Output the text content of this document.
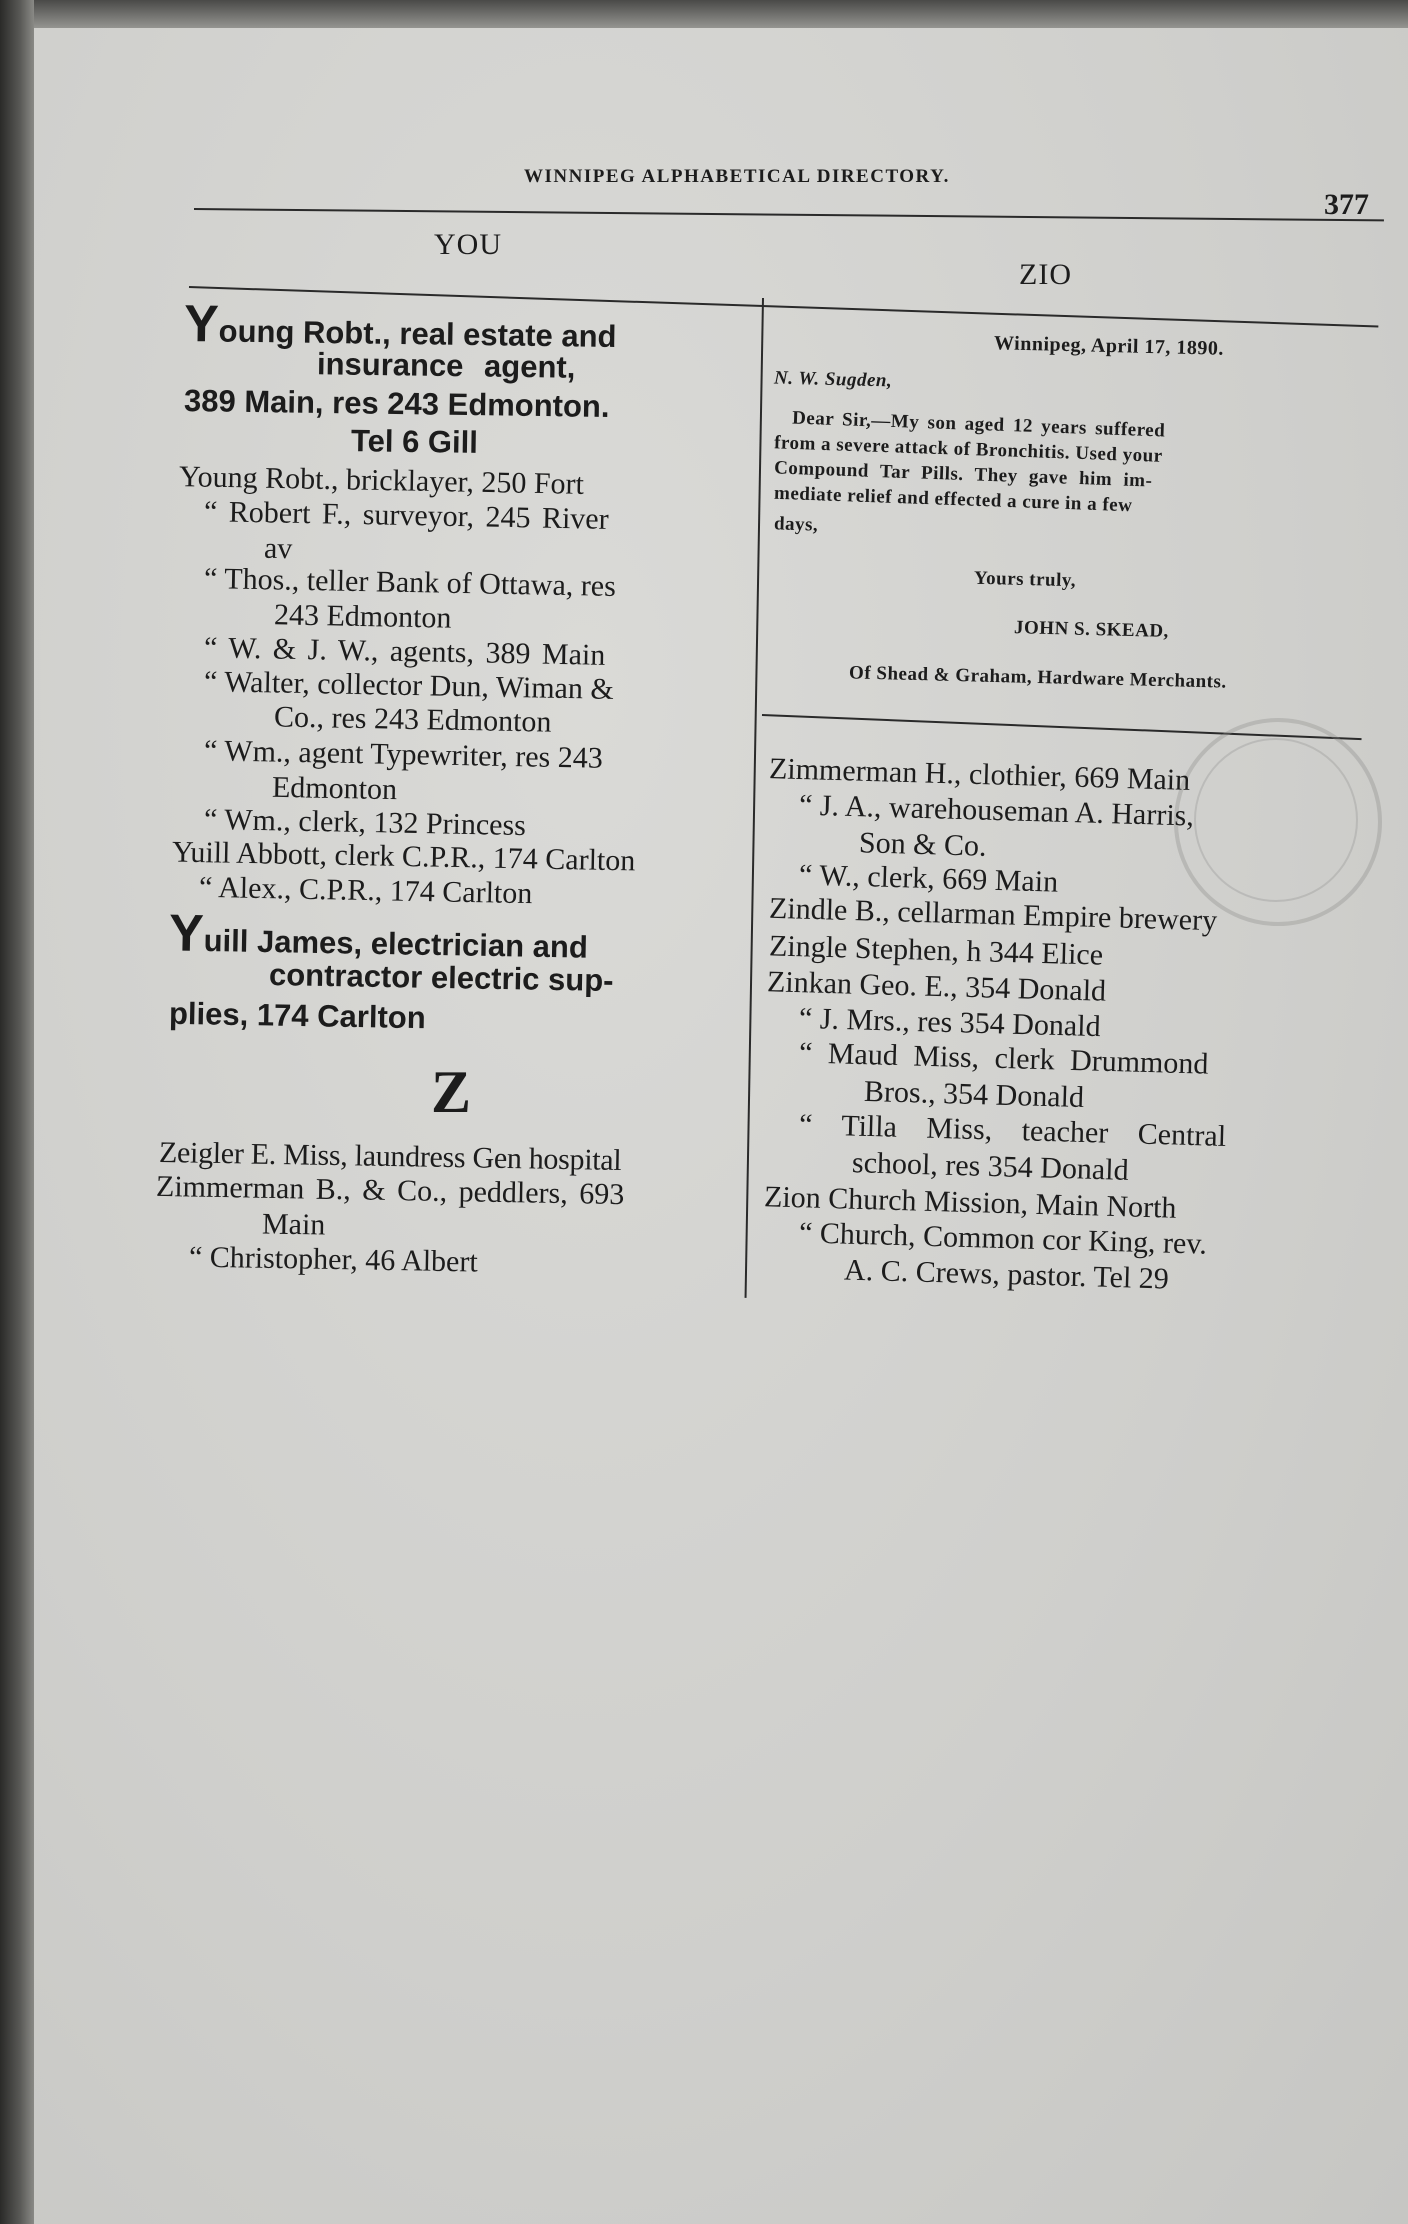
WINNIPEG ALPHABETICAL DIRECTORY.
377
YOU
ZIO
Young Robt., real estate and
insurance agent,
389 Main, res 243 Edmonton.
Tel 6 Gill
Young Robt., bricklayer, 250 Fort
“ Robert F., surveyor, 245 River
av
“ Thos., teller Bank of Ottawa, res
243 Edmonton
“ W. & J. W., agents, 389 Main
“ Walter, collector Dun, Wiman &
Co., res 243 Edmonton
“ Wm., agent Typewriter, res 243
Edmonton
“ Wm., clerk, 132 Princess
Yuill Abbott, clerk C.P.R., 174 Carlton
“ Alex., C.P.R., 174 Carlton
Yuill James, electrician and
contractor electric sup-
plies, 174 Carlton
Z
Zeigler E. Miss, laundress Gen hospital
Zimmerman B., & Co., peddlers, 693
Main
“ Christopher, 46 Albert
Winnipeg, April 17, 1890.
N. W. Sugden,
Dear Sir,—My son aged 12 years suffered
from a severe attack of Bronchitis. Used your
Compound Tar Pills. They gave him im-
mediate relief and effected a cure in a few
days,
Yours truly,
JOHN S. SKEAD,
Of Shead & Graham, Hardware Merchants.
Zimmerman H., clothier, 669 Main
“ J. A., warehouseman A. Harris,
Son & Co.
“ W., clerk, 669 Main
Zindle B., cellarman Empire brewery
Zingle Stephen, h 344 Elice
Zinkan Geo. E., 354 Donald
“ J. Mrs., res 354 Donald
“ Maud Miss, clerk Drummond
Bros., 354 Donald
“ Tilla Miss, teacher Central
school, res 354 Donald
Zion Church Mission, Main North
“ Church, Common cor King, rev.
A. C. Crews, pastor. Tel 29
